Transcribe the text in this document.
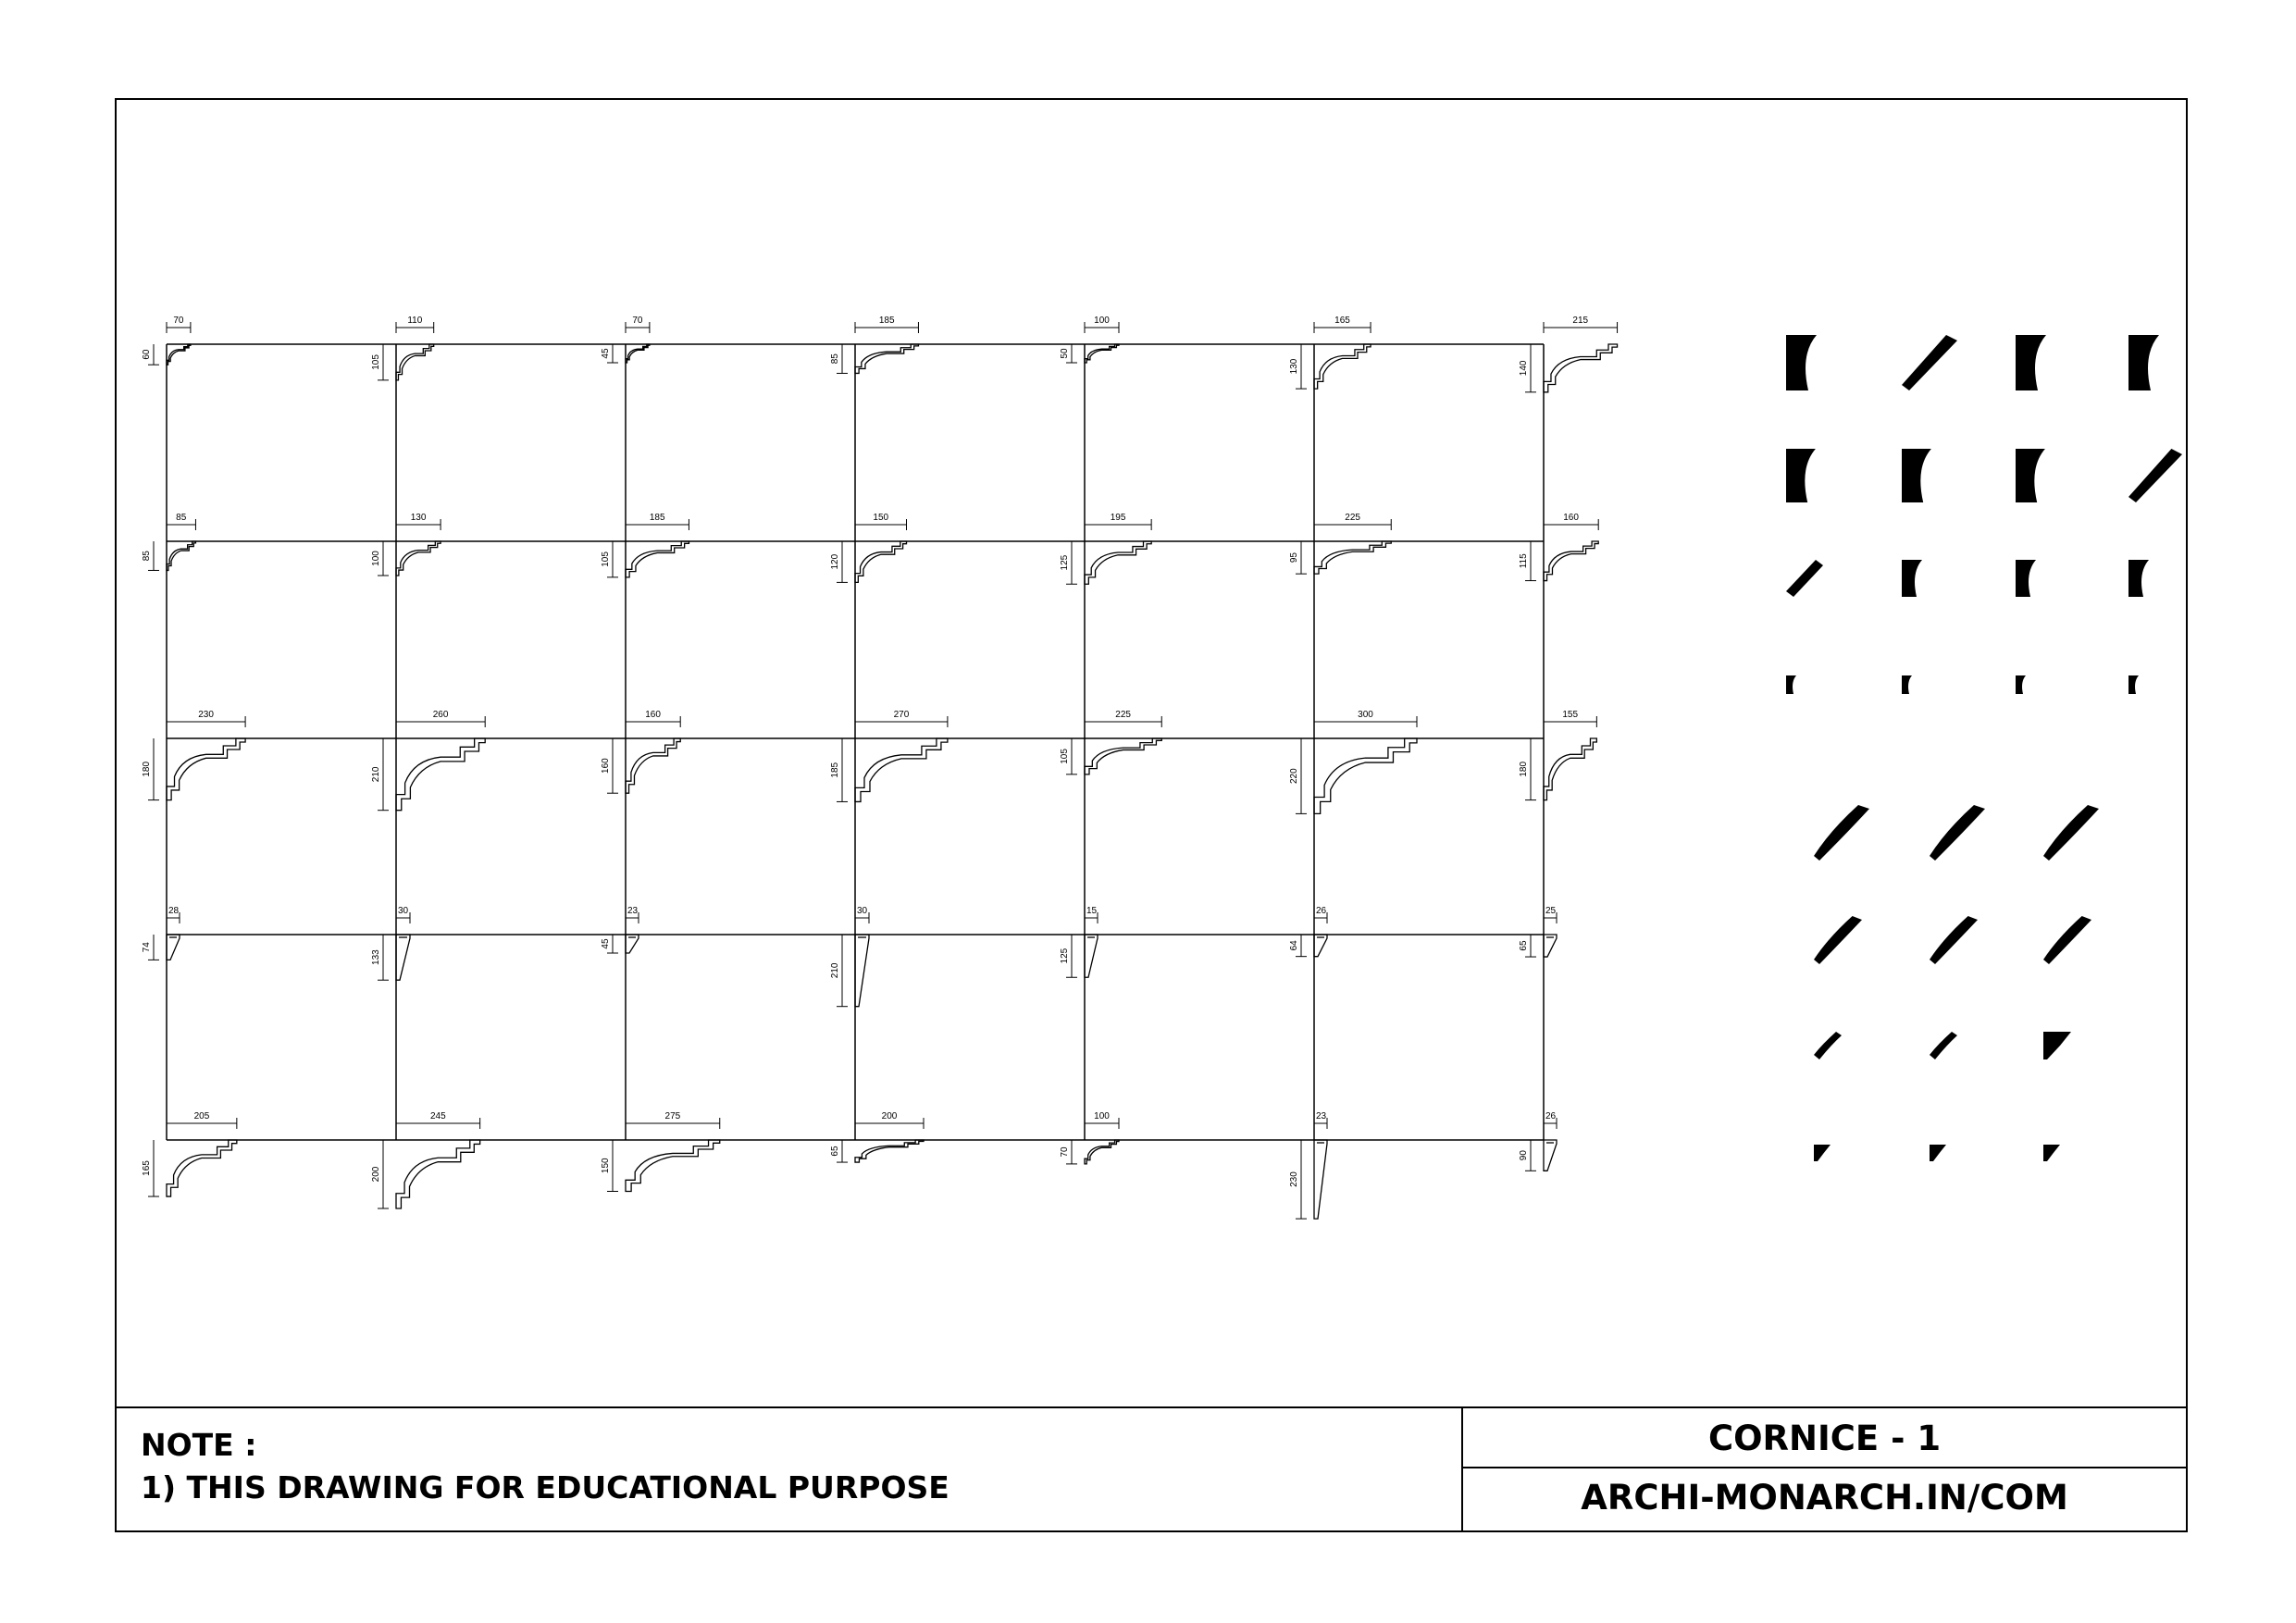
70
60
110
105
70
45
185
85
100
50
165
130
215
140
85
85
130
100
185
105
150
120
195
125
225
95
160
115
230
180
260
210
160
160
270
185
225
105
300
220
155
180
28
74
30
133
23
45
30
210
15
125
26
64
25
65
205
165
245
200
275
150
200
65
100
70
23
230
26
90
NOTE :
1) THIS DRAWING FOR EDUCATIONAL PURPOSE
CORNICE - 1
ARCHI-MONARCH.IN/COM
